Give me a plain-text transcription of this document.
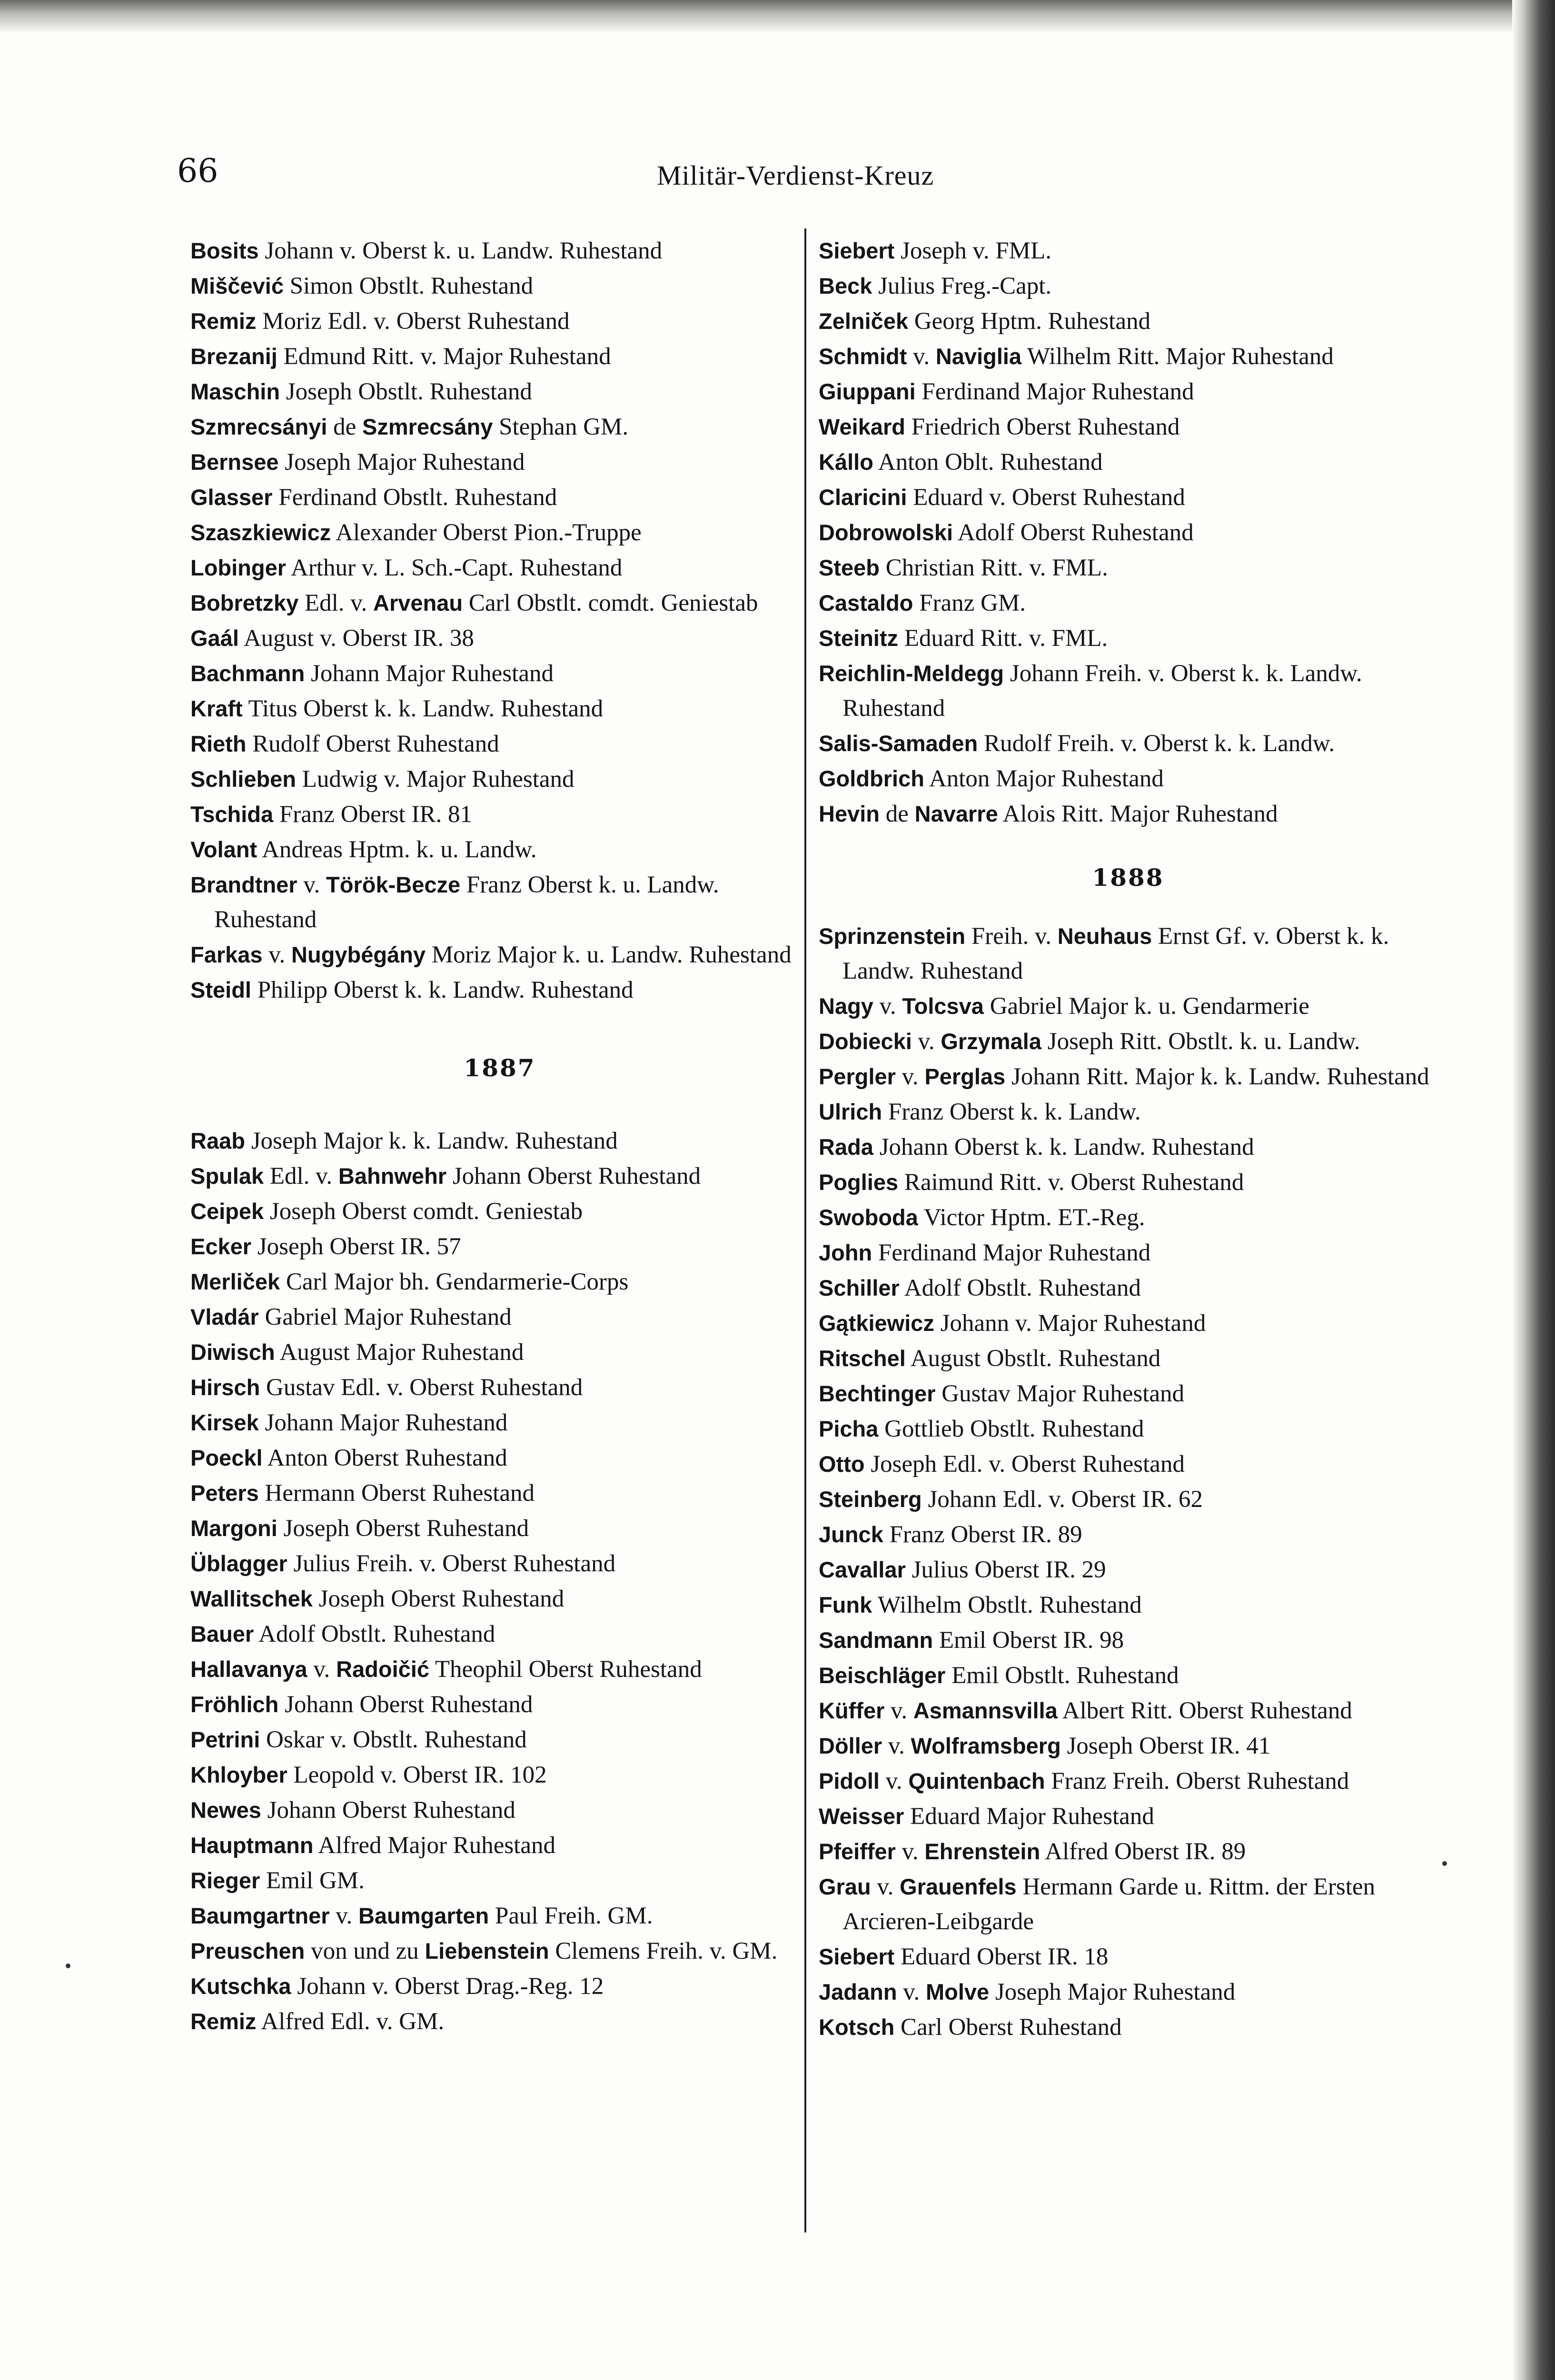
66	Militär-Verdienst-Kreuz

Bosits Johann v. Oberst k. u. Landw. Ruhestand

Miščević Simon Obstlt. Ruhestand

Remiz Moriz Edl. v. Oberst Ruhestand

Brezanij Edmund Ritt. v. Major Ruhestand

Maschin Joseph Obstlt. Ruhestand

Szmrecsányi de Szmrecsány Stephan GM.

Bernsee Joseph Major Ruhestand

Glasser Ferdinand Obstlt. Ruhestand

Szaszkiewicz Alexander Oberst Pion.-Truppe

Lobinger Arthur v. L. Sch.-Capt. Ruhestand

Bobretzky Edl. v. Arvenau Carl Obstlt. comdt. Geniestab

Gaál August v. Oberst IR. 38

Bachmann Johann Major Ruhestand

Kraft Titus Oberst k. k. Landw. Ruhestand

Rieth Rudolf Oberst Ruhestand

Schlieben Ludwig v. Major Ruhestand

Tschida Franz Oberst IR. 81

Volant Andreas Hptm. k. u. Landw.

Brandtner v. Török-Becze Franz Oberst k. u. Landw. Ruhestand

Farkas v. Nugybégány Moriz Major k. u. Landw. Ruhestand

Steidl Philipp Oberst k. k. Landw. Ruhestand

1887

Raab Joseph Major k. k. Landw. Ruhestand

Spulak Edl. v. Bahnwehr Johann Oberst Ruhestand

Ceipek Joseph Oberst comdt. Geniestab

Ecker Joseph Oberst IR. 57

Merliček Carl Major bh. Gendarmerie-Corps

Vladár Gabriel Major Ruhestand

Diwisch August Major Ruhestand

Hirsch Gustav Edl. v. Oberst Ruhestand

Kirsek Johann Major Ruhestand

Poeckl Anton Oberst Ruhestand

Peters Hermann Oberst Ruhestand

Margoni Joseph Oberst Ruhestand

Üblagger Julius Freih. v. Oberst Ruhestand

Wallitschek Joseph Oberst Ruhestand

Bauer Adolf Obstlt. Ruhestand

Hallavanya v. Radoičić Theophil Oberst Ruhestand

Fröhlich Johann Oberst Ruhestand

Petrini Oskar v. Obstlt. Ruhestand

Khloyber Leopold v. Oberst IR. 102

Newes Johann Oberst Ruhestand

Hauptmann Alfred Major Ruhestand

Rieger Emil GM.

Baumgartner v. Baumgarten Paul Freih. GM.

Preuschen von und zu Liebenstein Clemens Freih. v. GM.

Kutschka Johann v. Oberst Drag.-Reg. 12

Remiz Alfred Edl. v. GM.

Siebert Joseph v. FML.

Beck Julius Freg.-Capt.

Zelniček Georg Hptm. Ruhestand

Schmidt v. Naviglia Wilhelm Ritt. Major Ruhestand

Giuppani Ferdinand Major Ruhestand

Weikard Friedrich Oberst Ruhestand

Kállo Anton Oblt. Ruhestand

Claricini Eduard v. Oberst Ruhestand

Dobrowolski Adolf Oberst Ruhestand

Steeb Christian Ritt. v. FML.

Castaldo Franz GM.

Steinitz Eduard Ritt. v. FML.

Reichlin-Meldegg Johann Freih. v. Oberst k. k. Landw. Ruhestand

Salis-Samaden Rudolf Freih. v. Oberst k. k. Landw.

Goldbrich Anton Major Ruhestand

Hevin de Navarre Alois Ritt. Major Ruhestand

1888

Sprinzenstein Freih. v. Neuhaus Ernst Gf. v. Oberst k. k. Landw. Ruhestand

Nagy v. Tolcsva Gabriel Major k. u. Gendarmerie

Dobiecki v. Grzymala Joseph Ritt. Obstlt. k. u. Landw.

Pergler v. Perglas Johann Ritt. Major k. k. Landw. Ruhestand

Ulrich Franz Oberst k. k. Landw.

Rada Johann Oberst k. k. Landw. Ruhestand

Poglies Raimund Ritt. v. Oberst Ruhestand

Swoboda Victor Hptm. ET.-Reg.

John Ferdinand Major Ruhestand

Schiller Adolf Obstlt. Ruhestand

Gątkiewicz Johann v. Major Ruhestand

Ritschel August Obstlt. Ruhestand

Bechtinger Gustav Major Ruhestand

Picha Gottlieb Obstlt. Ruhestand

Otto Joseph Edl. v. Oberst Ruhestand

Steinberg Johann Edl. v. Oberst IR. 62

Junck Franz Oberst IR. 89

Cavallar Julius Oberst IR. 29

Funk Wilhelm Obstlt. Ruhestand

Sandmann Emil Oberst IR. 98

Beischläger Emil Obstlt. Ruhestand

Küffer v. Asmannsvilla Albert Ritt. Oberst Ruhestand

Döller v. Wolframsberg Joseph Oberst IR. 41

Pidoll v. Quintenbach Franz Freih. Oberst Ruhestand

Weisser Eduard Major Ruhestand

Pfeiffer v. Ehrenstein Alfred Oberst IR. 89

Grau v. Grauenfels Hermann Garde u. Rittm. der Ersten Arcieren-Leibgarde

Siebert Eduard Oberst IR. 18

Jadann v. Molve Joseph Major Ruhestand

Kotsch Carl Oberst Ruhestand
